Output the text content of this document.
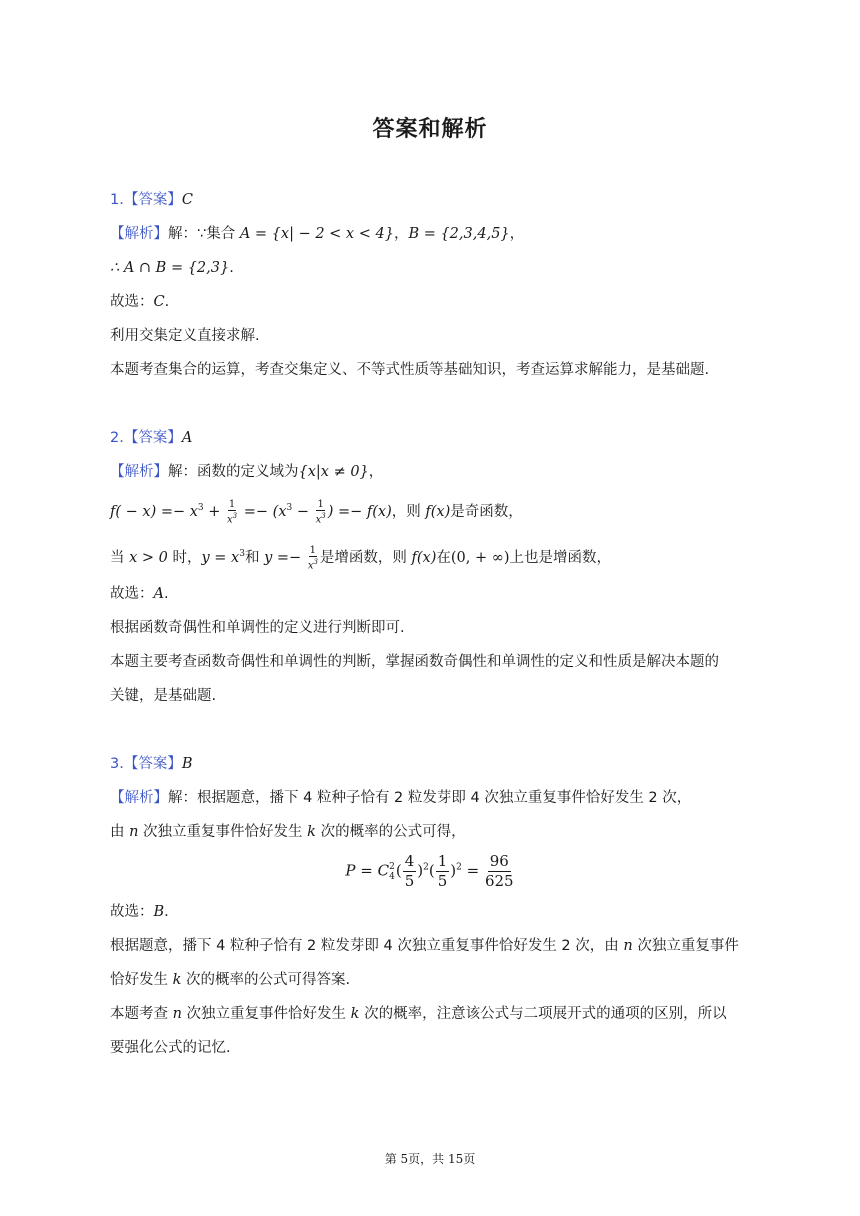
答案和解析
1.【答案】C
【解析】解：∵集合 A = {x| − 2 < x < 4}，B = {2,3,4,5}，
∴ A ∩ B = {2,3}.
故选：C.
利用交集定义直接求解.
本题考查集合的运算，考查交集定义、不等式性质等基础知识，考查运算求解能力，是基础题.
2.【答案】A
【解析】解：函数的定义域为{x|x ≠ 0}，
$f( - x) =- x^3 + \frac{1}{x^3} =- (x^3 - \frac{1}{x^3}$ ) =− f(x)，则 f(x)是奇函数，
当 x > 0 时，$y = x^3$和 $y =- \frac{1}{x^3}$ 是增函数，则 f(x)在(0, + ∞)上也是增函数，
故选：A.
根据函数奇偶性和单调性的定义进行判断即可.
本题主要考查函数奇偶性和单调性的判断，掌握函数奇偶性和单调性的定义和性质是解决本题的
关键，是基础题.
3.【答案】B
【解析】解：根据题意，播下 4 粒种子恰有 2 粒发芽即 4 次独立重复事件恰好发生 2 次，
由 n 次独立重复事件恰好发生 k 次的概率的公式可得，
P = C 2
4 ( $\frac{4}{5} )^2( \frac{1}{5} )^2 = \frac{96}{625}$
故选：B.
根据题意，播下 4 粒种子恰有 2 粒发芽即 4 次独立重复事件恰好发生 2 次，由 n 次独立重复事件
恰好发生 k 次的概率的公式可得答案.
本题考查 n 次独立重复事件恰好发生 k 次的概率，注意该公式与二项展开式的通项的区别，所以
要强化公式的记忆.
第 5页，共 15页
